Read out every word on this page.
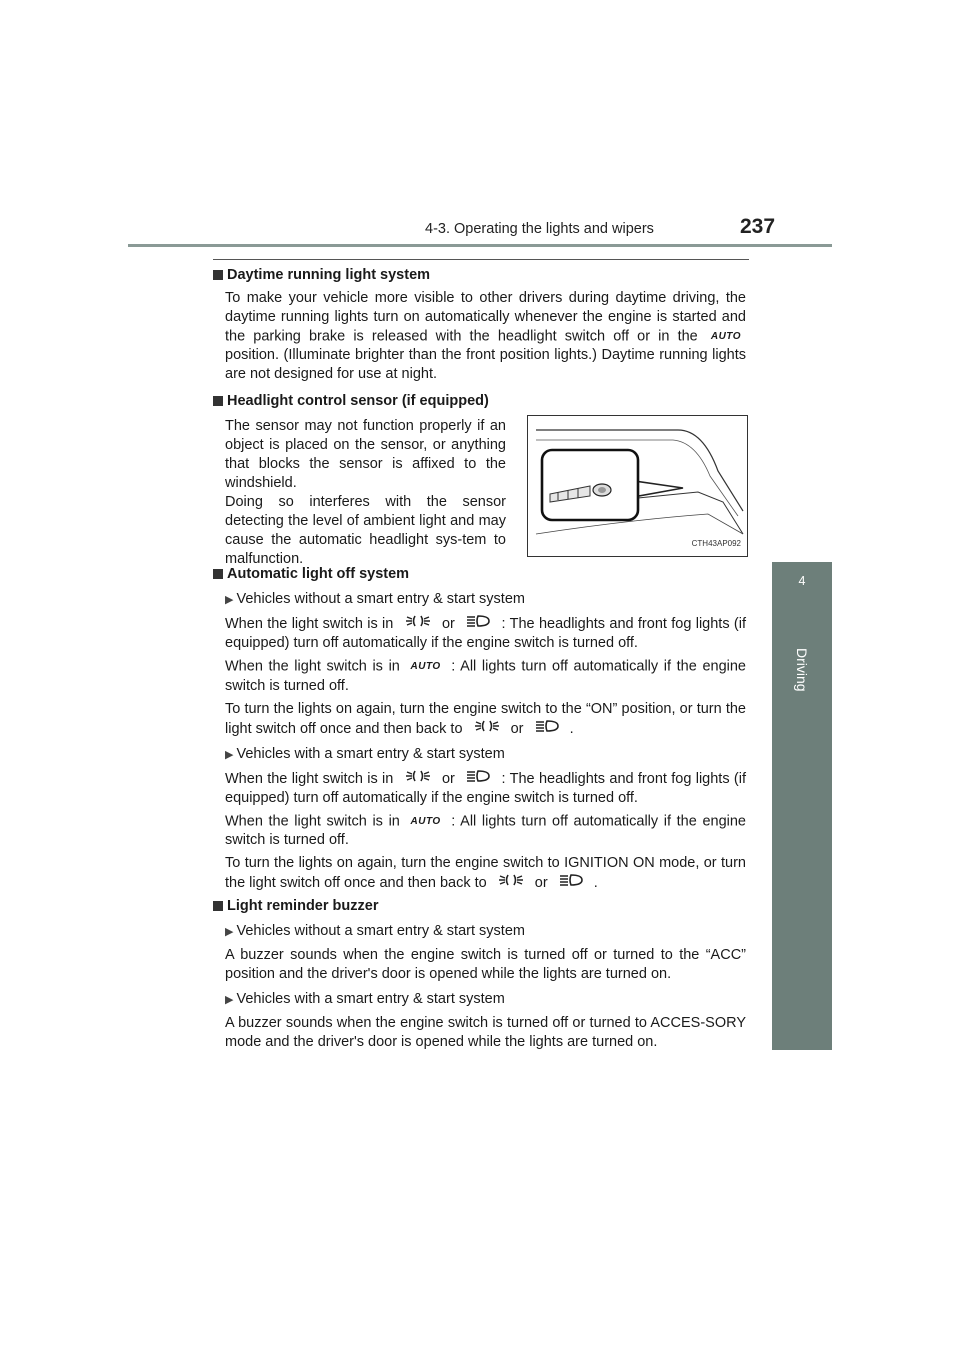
4-3. Operating the lights and wipers	237
4
Driving
Daytime running light system

To make your vehicle more visible to other drivers during daytime driving, the daytime running lights turn on automatically whenever the engine is started and the parking brake is released with the headlight switch off or in the AUTO position. (Illuminate brighter than the front position lights.) Daytime running lights are not designed for use at night.

Headlight control sensor (if equipped)
The sensor may not function properly if an object is placed on the sensor, or anything that blocks the sensor is affixed to the windshield.
Doing so interferes with the sensor detecting the level of ambient light and may cause the automatic headlight sys-tem to malfunction.
CTH43AP092
Automatic light off system
▶ Vehicles without a smart entry & start system

When the light switch is in	or	: The headlights and front fog lights (if equipped) turn off automatically if the engine switch is turned off.

When the light switch is in AUTO : All lights turn off automatically if the engine switch is turned off.

To turn the lights on again, turn the engine switch to the “ON” position, or turn the light switch off once and then back to	or	.

▶ Vehicles with a smart entry & start system

When the light switch is in	or	: The headlights and front fog lights (if equipped) turn off automatically if the engine switch is turned off.

When the light switch is in AUTO : All lights turn off automatically if the engine switch is turned off.

To turn the lights on again, turn the engine switch to IGNITION ON mode, or turn the light switch off once and then back to	or	.

Light reminder buzzer
▶ Vehicles without a smart entry & start system

A buzzer sounds when the engine switch is turned off or turned to the “ACC” position and the driver's door is opened while the lights are turned on.

▶ Vehicles with a smart entry & start system

A buzzer sounds when the engine switch is turned off or turned to ACCES-SORY mode and the driver's door is opened while the lights are turned on.
